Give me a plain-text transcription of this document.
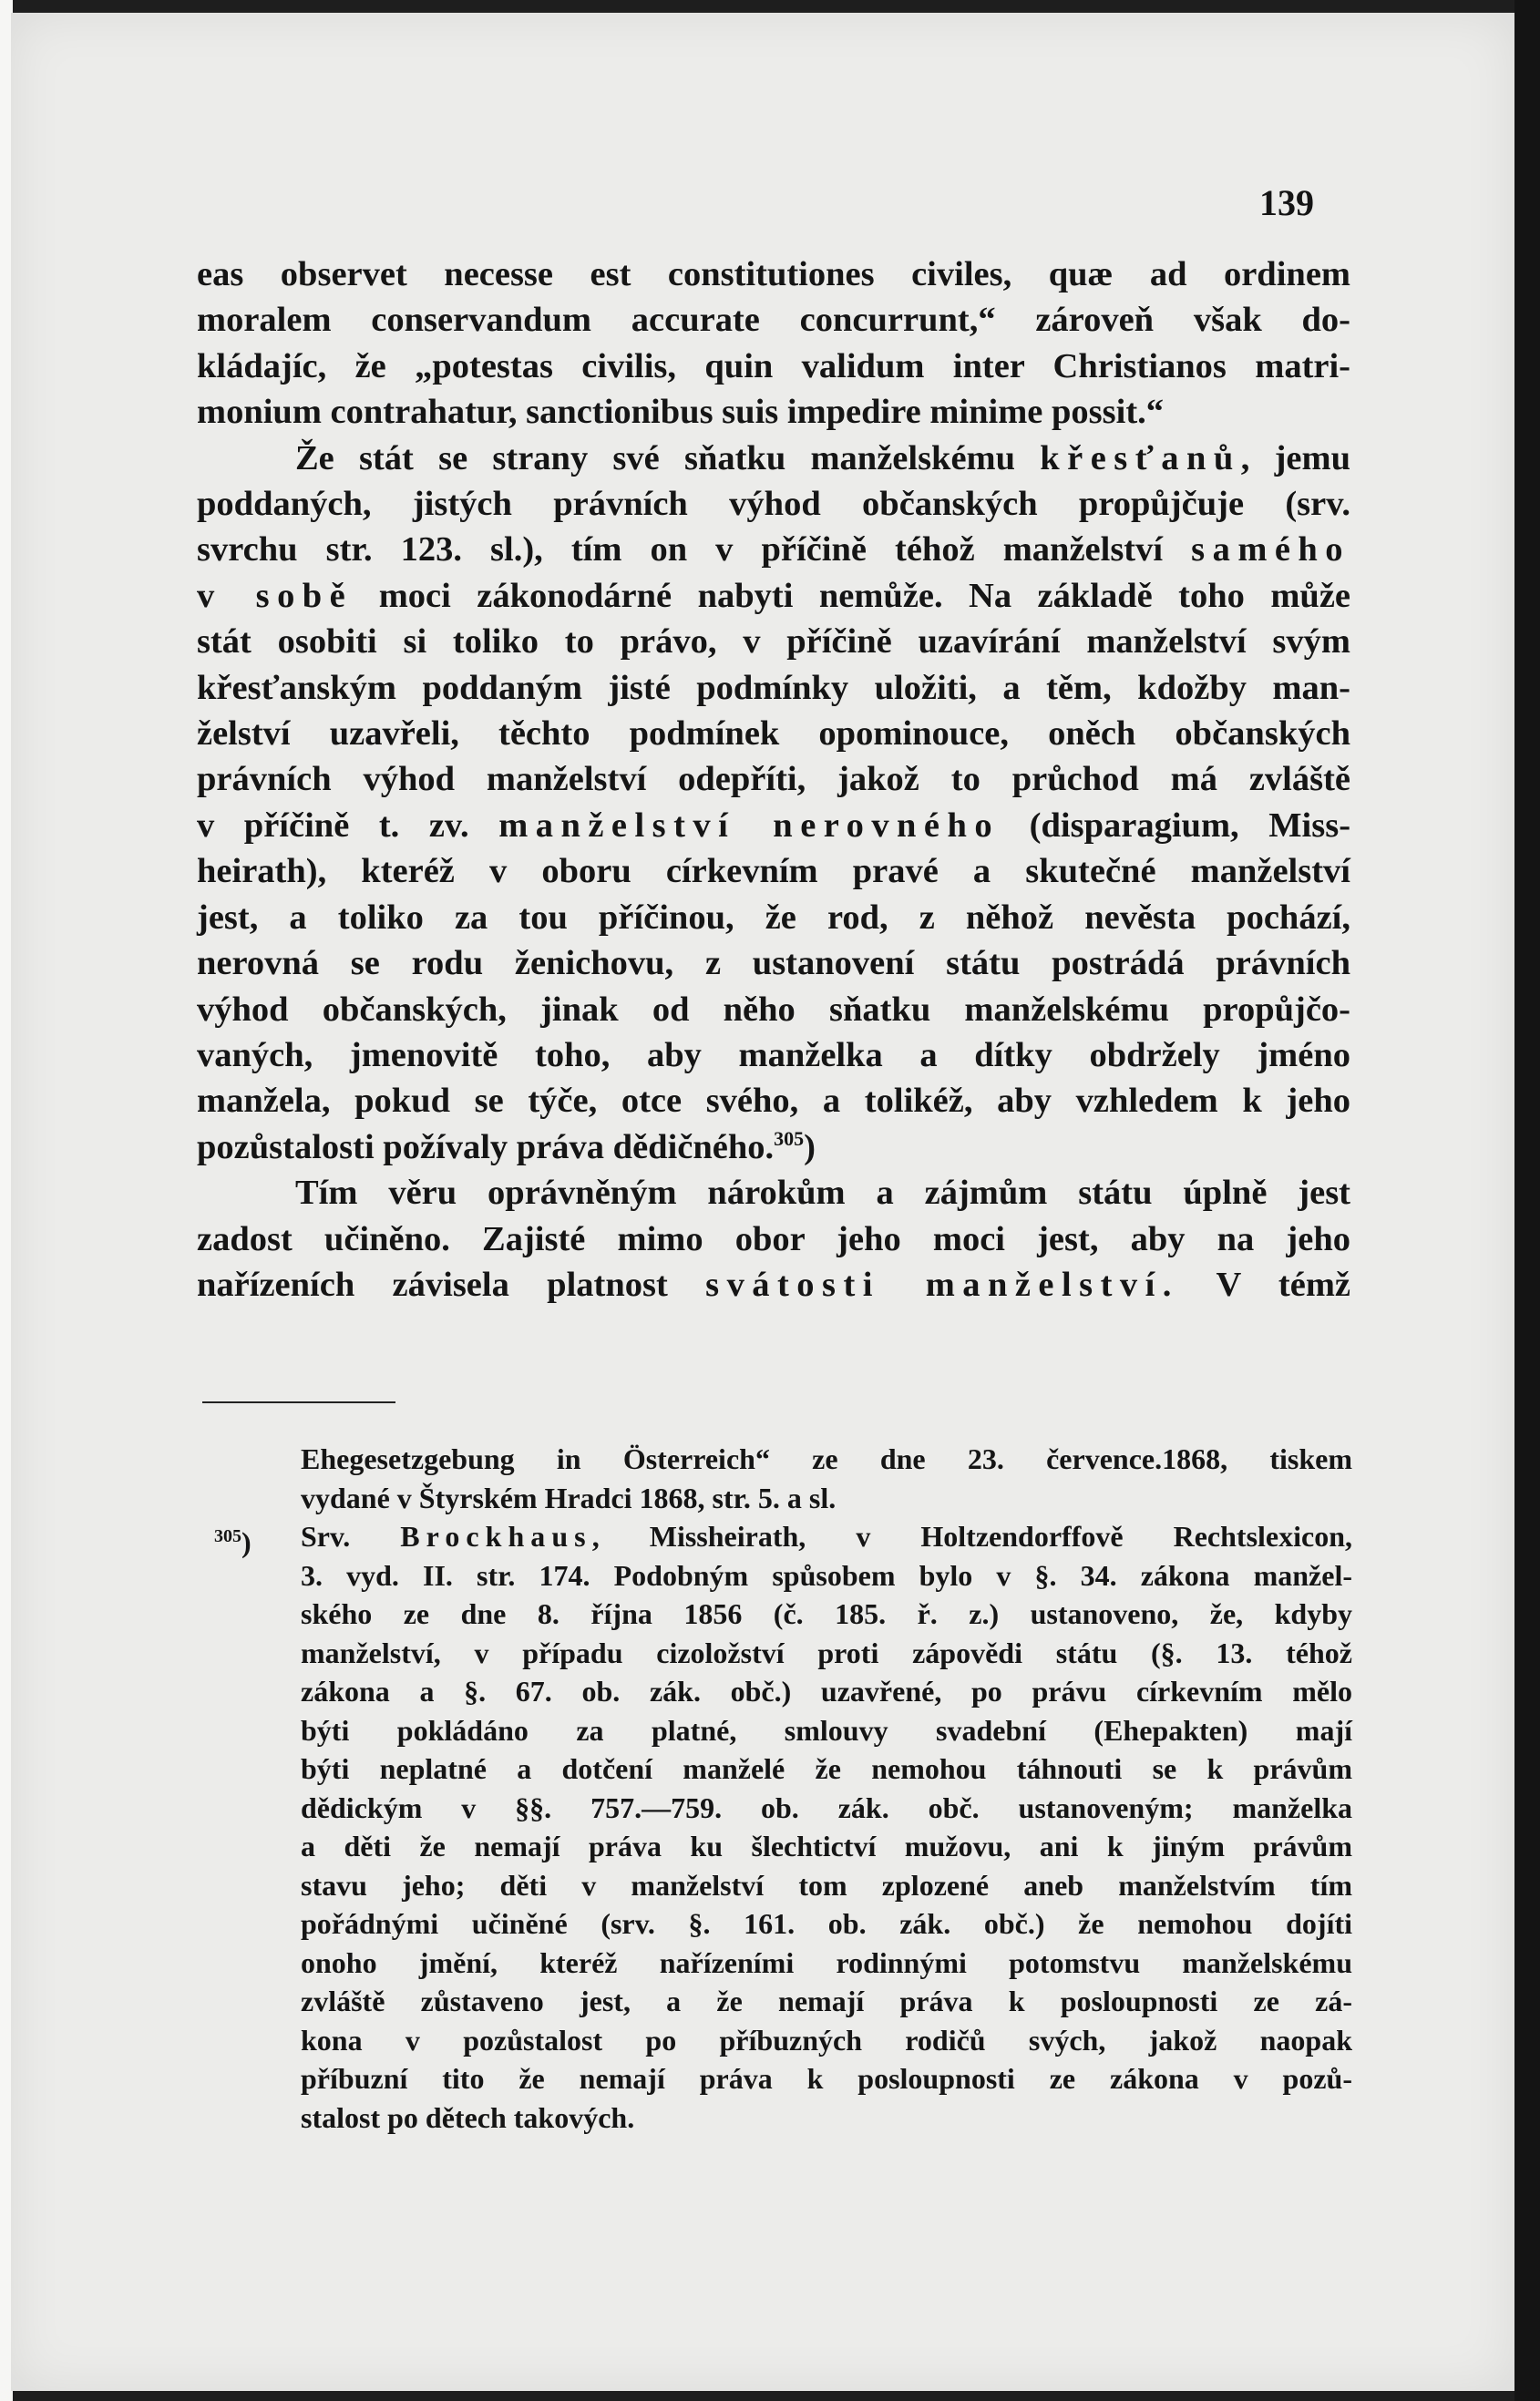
139

eas observet necesse est constitutiones civiles, quæ ad ordinem

moralem conservandum accurate concurrunt,“ zároveň však do-

kládajíc, že „potestas civilis, quin validum inter Christianos matri-

monium contrahatur, sanctionibus suis impedire minime possit.“

Že stát se strany své sňatku manželskému křesťanů, jemu

poddaných, jistých právních výhod občanských propůjčuje (srv.

svrchu str. 123. sl.), tím on v příčině téhož manželství samého

v sobě moci zákonodárné nabyti nemůže. Na základě toho může

stát osobiti si toliko to právo, v příčině uzavírání manželství svým

křesťanským poddaným jisté podmínky uložiti, a těm, kdožby man-

želství uzavřeli, těchto podmínek opominouce, oněch občanských

právních výhod manželství odepříti, jakož to průchod má zvláště

v příčině t. zv. manželství nerovného (disparagium, Miss-

heirath), kteréž v oboru církevním pravé a skutečné manželství

jest, a toliko za tou příčinou, že rod, z něhož nevěsta pochází,

nerovná se rodu ženichovu, z ustanovení státu postrádá právních

výhod občanských, jinak od něho sňatku manželskému propůjčo-

vaných, jmenovitě toho, aby manželka a dítky obdržely jméno

manžela, pokud se týče, otce svého, a tolikéž, aby vzhledem k jeho

pozůstalosti požívaly práva dědičného.$^{305}$)

Tím věru oprávněným nárokům a zájmům státu úplně jest

zadost učiněno. Zajisté mimo obor jeho moci jest, aby na jeho

nařízeních závisela platnost svátosti manželství. V témž

Ehegesetzgebung in Österreich“ ze dne 23. července.1868, tiskem

vydané v Štyrském Hradci 1868, str. 5. a sl.

$^{305}$) Srv. Brockhaus, Missheirath, v Holtzendorffově Rechtslexicon,

3. vyd. II. str. 174. Podobným spůsobem bylo v §. 34. zákona manžel-

ského ze dne 8. října 1856 (č. 185. ř. z.) ustanoveno, že, kdyby

manželství, v případu cizoložství proti zápovědi státu (§. 13. téhož

zákona a §. 67. ob. zák. obč.) uzavřené, po právu církevním mělo

býti pokládáno za platné, smlouvy svadební (Ehepakten) mají

býti neplatné a dotčení manželé že nemohou táhnouti se k právům

dědickým v §§. 757.—759. ob. zák. obč. ustanoveným; manželka

a děti že nemají práva ku šlechtictví mužovu, ani k jiným právům

stavu jeho; děti v manželství tom zplozené aneb manželstvím tím

pořádnými učiněné (srv. §. 161. ob. zák. obč.) že nemohou dojíti

onoho jmění, kteréž nařízeními rodinnými potomstvu manželskému

zvláště zůstaveno jest, a že nemají práva k posloupnosti ze zá-

kona v pozůstalost po příbuzných rodičů svých, jakož naopak

příbuzní tito že nemají práva k posloupnosti ze zákona v pozů-

stalost po dětech takových.
